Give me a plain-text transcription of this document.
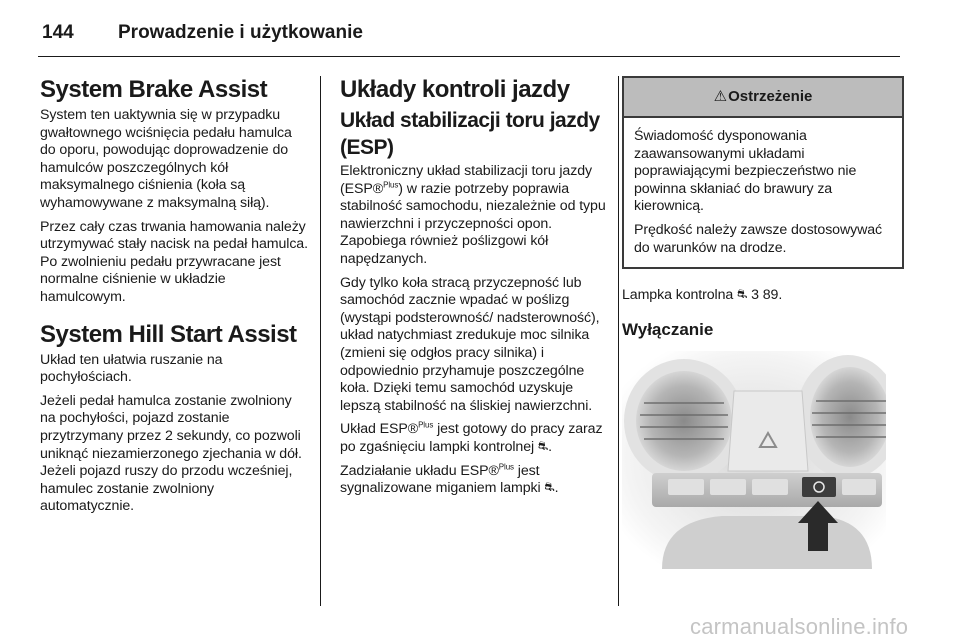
144 Prowadzenie i użytkowanie
System Brake Assist

System ten uaktywnia się w przypadku gwałtownego wciśnięcia pedału hamulca do oporu, powodując doprowadzenie do hamulców poszczególnych kół maksymalnego ciśnienia (koła są wyhamowywane z maksymalną siłą).

Przez cały czas trwania hamowania należy utrzymywać stały nacisk na pedał hamulca. Po zwolnieniu pedału przywracane jest normalne ciśnienie w układzie hamulcowym.

System Hill Start Assist

Układ ten ułatwia ruszanie na pochyłościach.

Jeżeli pedał hamulca zostanie zwolniony na pochyłości, pojazd zostanie przytrzymany przez 2 sekundy, co pozwoli uniknąć niezamierzonego zjechania w dół. Jeżeli pojazd ruszy do przodu wcześniej, hamulec zostanie zwolniony automatycznie.

Układy kontroli jazdy
Układ stabilizacji toru jazdy (ESP)

Elektroniczny układ stabilizacji toru jazdy (ESP®$^{Plus}$) w razie potrzeby poprawia stabilność samochodu, niezależnie od typu nawierzchni i przyczepności opon. Zapobiega również poślizgowi kół napędzanych.

Gdy tylko koła stracą przyczepność lub samochód zacznie wpadać w poślizg (wystąpi podsterowność/ nadsterowność), układ natychmiast zredukuje moc silnika (zmieni się odgłos pracy silnika) i odpowiednio przyhamuje poszczególne koła. Dzięki temu samochód uzyskuje lepszą stabilność na śliskiej nawierzchni.

Układ ESP®$^{Plus}$ jest gotowy do pracy zaraz po zgaśnięciu lampki kontrolnej ⛐.

Zadziałanie układu ESP®$^{Plus}$ jest sygnalizowane miganiem lampki ⛐.

⚠Ostrzeżenie

Świadomość dysponowania zaawansowanymi układami poprawiającymi bezpieczeństwo nie powinna skłaniać do brawury za kierownicą.

Prędkość należy zawsze dostosowywać do warunków na drodze.

Lampka kontrolna ⛐ 3 89.

Wyłączanie
carmanualsonline.info
